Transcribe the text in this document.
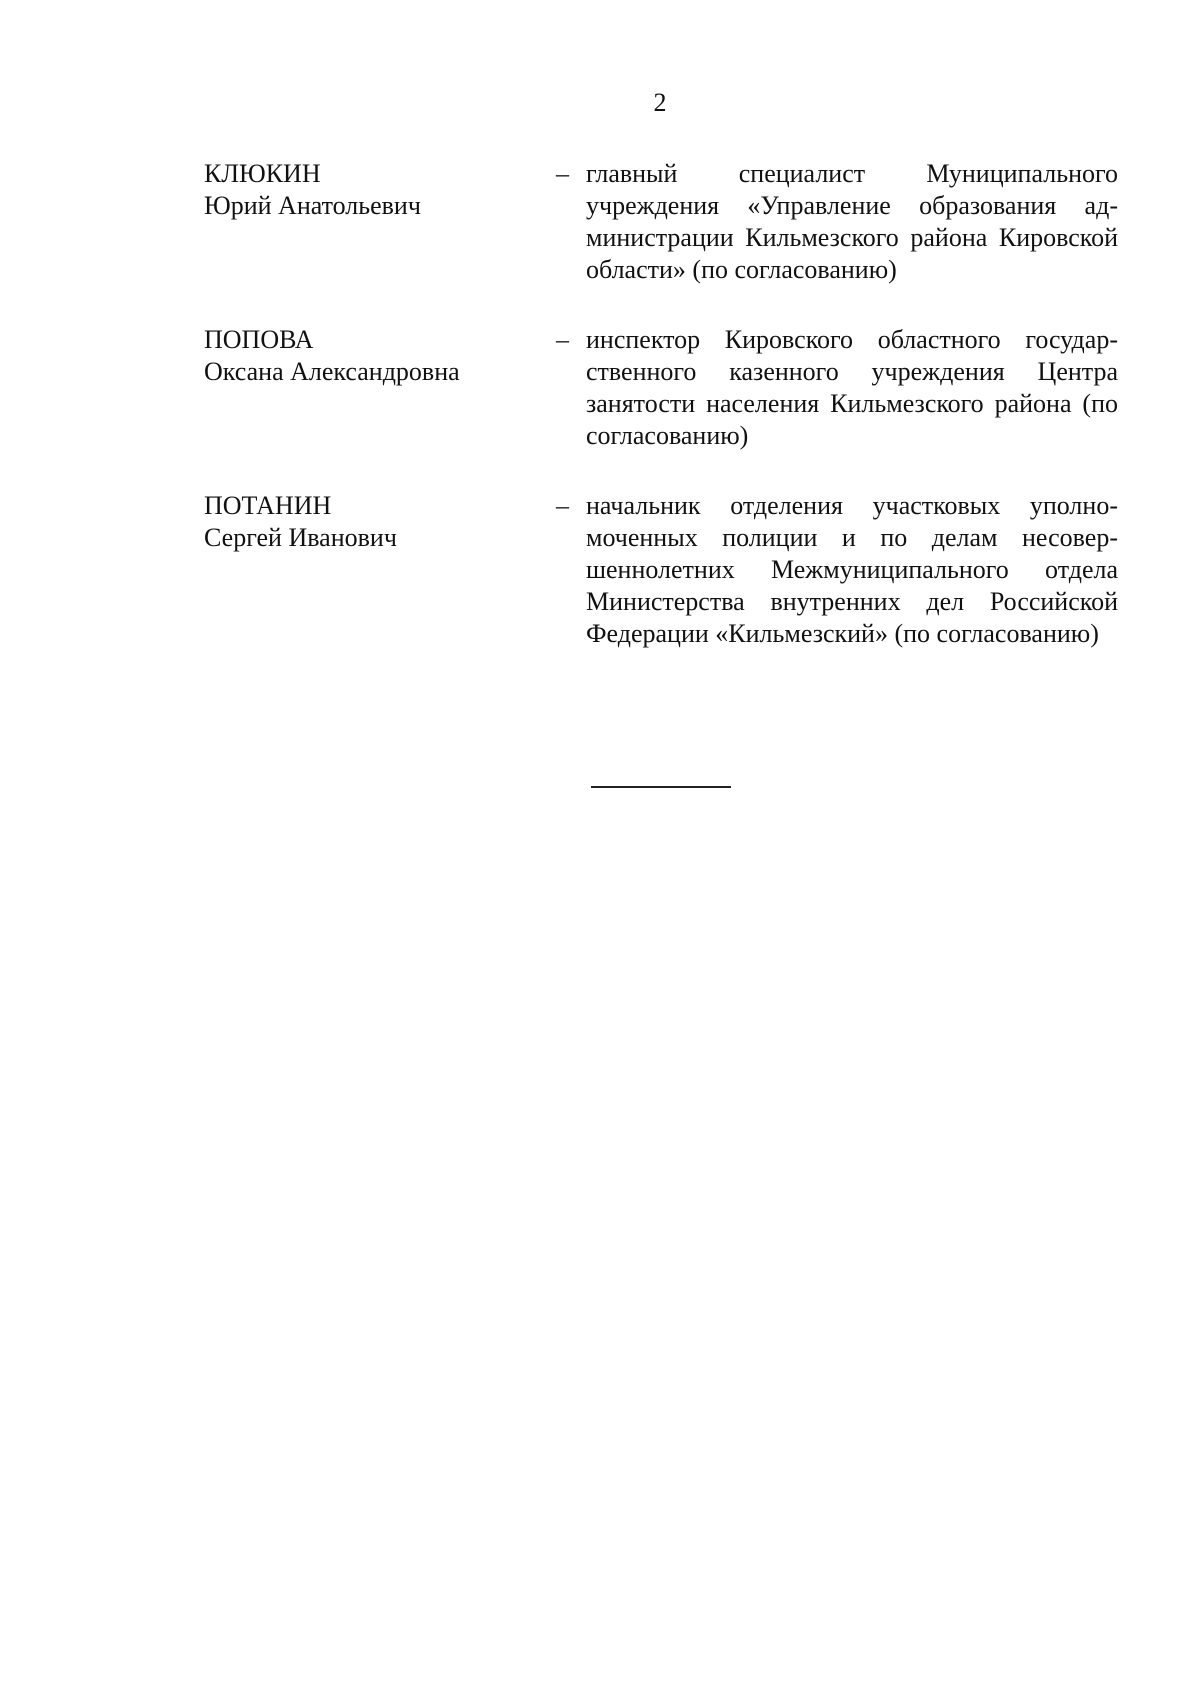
2
КЛЮКИН
Юрий Анатольевич
– главный специалист Муниципального учреждения «Управление образования администрации Кильмезского района Кировской области» (по согласованию)
ПОПОВА
Оксана Александровна
– инспектор Кировского областного государственного казенного учреждения Центра занятости населения Кильмезского района (по согласованию)
ПОТАНИН
Сергей Иванович
– начальник отделения участковых уполномоченных полиции и по делам несовершеннолетних Межмуниципального отдела Министерства внутренних дел Российской Федерации «Кильмезский» (по согласованию)
